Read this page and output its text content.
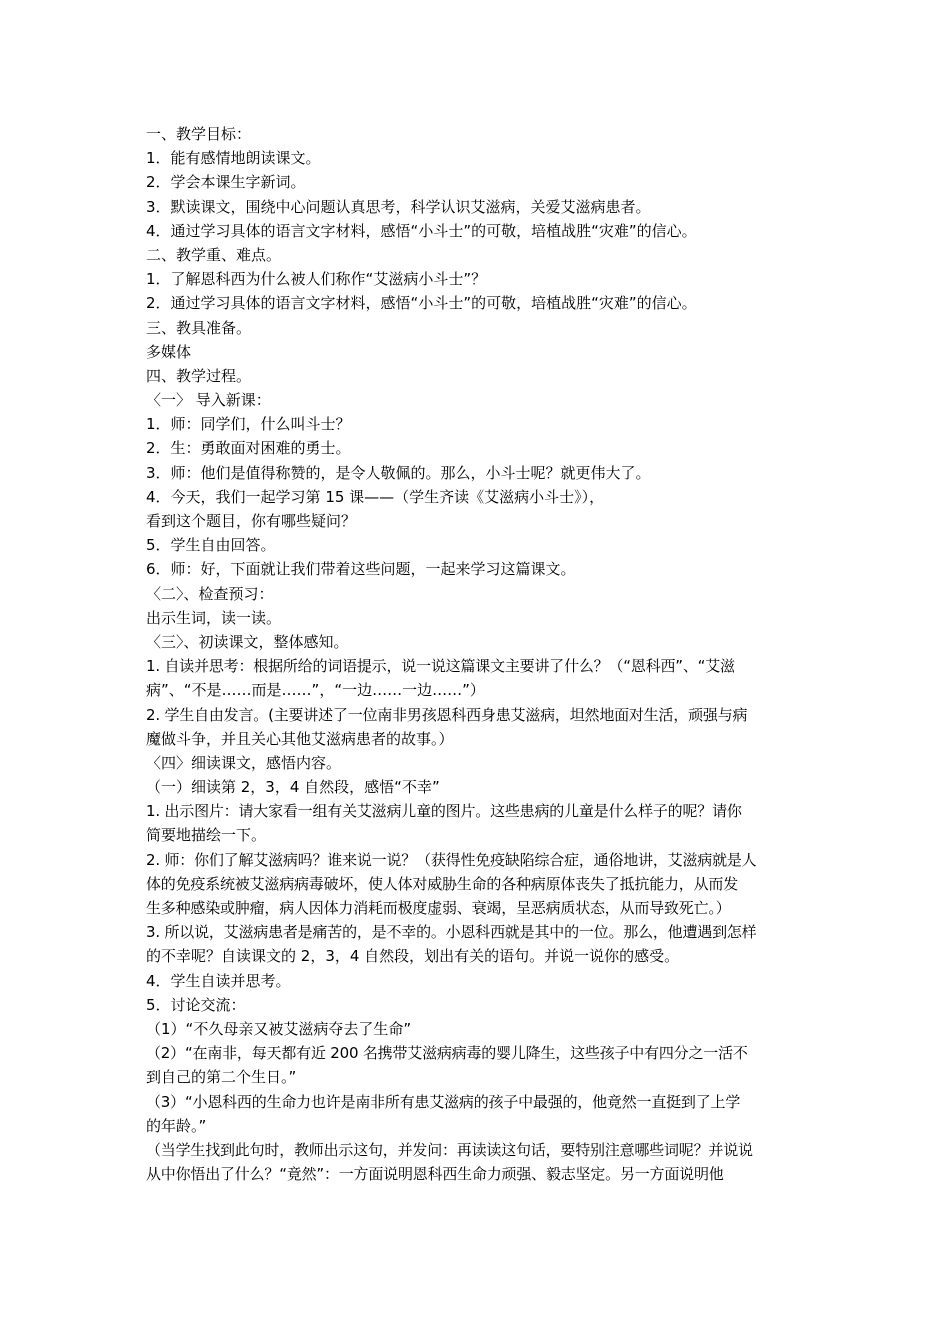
一、教学目标：
1．能有感情地朗读课文。
2．学会本课生字新词。
3．默读课文，围绕中心问题认真思考，科学认识艾滋病，关爱艾滋病患者。
4．通过学习具体的语言文字材料，感悟“小斗士”的可敬，培植战胜“灾难”的信心。
二、教学重、难点。
1．了解恩科西为什么被人们称作“艾滋病小斗士”？
2．通过学习具体的语言文字材料，感悟“小斗士”的可敬，培植战胜“灾难”的信心。
三、教具准备。
多媒体
四、教学过程。
〈一〉 导入新课：
1．师：同学们，什么叫斗士？
2．生：勇敢面对困难的勇士。
3．师：他们是值得称赞的，是令人敬佩的。那么，小斗士呢？就更伟大了。
4．今天，我们一起学习第 15 课——（学生齐读《艾滋病小斗士》），
看到这个题目，你有哪些疑问？
5．学生自由回答。
6．师：好，下面就让我们带着这些问题，一起来学习这篇课文。
〈二〉、检查预习：
出示生词，读一读。
〈三〉、初读课文，整体感知。
1. 自读并思考：根据所给的词语提示，说一说这篇课文主要讲了什么？（“恩科西”、“艾滋
病”、“不是……而是……”，“一边……一边……”）
2. 学生自由发言。(主要讲述了一位南非男孩恩科西身患艾滋病，坦然地面对生活，顽强与病
魔做斗争，并且关心其他艾滋病患者的故事。）
〈四〉细读课文，感悟内容。
（一）细读第 2，3，4 自然段，感悟“不幸”
1. 出示图片：请大家看一组有关艾滋病儿童的图片。这些患病的儿童是什么样子的呢？请你
简要地描绘一下。
2. 师：你们了解艾滋病吗？谁来说一说？（获得性免疫缺陷综合症，通俗地讲，艾滋病就是人
体的免疫系统被艾滋病病毒破坏，使人体对威胁生命的各种病原体丧失了抵抗能力，从而发
生多种感染或肿瘤，病人因体力消耗而极度虚弱、衰竭，呈恶病质状态，从而导致死亡。）
3. 所以说，艾滋病患者是痛苦的，是不幸的。小恩科西就是其中的一位。那么，他遭遇到怎样
的不幸呢？自读课文的 2，3，4 自然段，划出有关的语句。并说一说你的感受。
4．学生自读并思考。
5．讨论交流：
（1）“不久母亲又被艾滋病夺去了生命”
（2）“在南非，每天都有近 200 名携带艾滋病病毒的婴儿降生，这些孩子中有四分之一活不
到自己的第二个生日。”
（3）“小恩科西的生命力也许是南非所有患艾滋病的孩子中最强的，他竟然一直挺到了上学
的年龄。”
（当学生找到此句时，教师出示这句，并发问：再读读这句话，要特别注意哪些词呢？并说说
从中你悟出了什么？“竟然”：一方面说明恩科西生命力顽强、毅志坚定。另一方面说明他
